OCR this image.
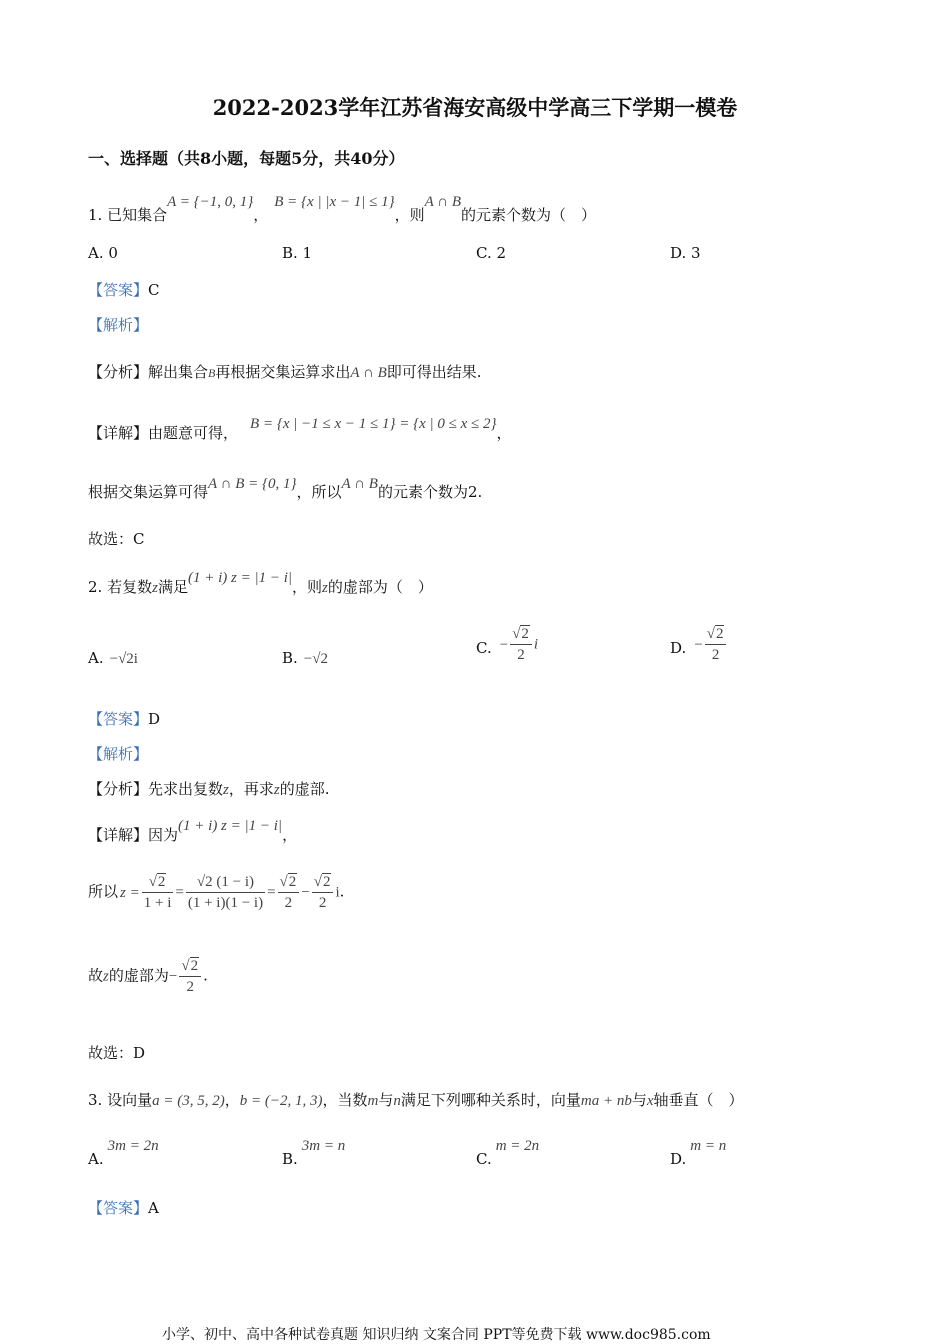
2022-2023学年江苏省海安高级中学高三下学期一模卷
一、选择题（共8小题，每题5分，共40分）
1. 已知集合A = {−1, 0, 1}，B = {x | |x − 1| ≤ 1}，则A ∩ B的元素个数为（　）
A. 0	B. 1	C. 2	D. 3
【答案】C
【解析】
【分析】解出集合B再根据交集运算求出A ∩ B即可得出结果.
【详解】由题意可得， B = {x | −1 ≤ x − 1 ≤ 1} = {x | 0 ≤ x ≤ 2}，
根据交集运算可得A ∩ B = {0, 1}，所以A ∩ B的元素个数为2.
故选：C
2. 若复数z满足(1 + i) z = |1 − i|，则z的虚部为（　）
A. −√2i	B. −√2
C. − $\frac{√2}{2}$ i	D. − $\frac{√2}{2}$
【答案】D
【解析】
【分析】先求出复数z，再求z的虚部.
【详解】因为(1 + i) z = |1 − i|，
所以 $z = \frac{√2}{1 + i} = \frac{√2 (1 - i)}{(1 + i)(1 - i)} = \frac{√2}{2} - \frac{√2}{2} i$.
故z的虚部为− $\frac{√2}{2}$ .
故选：D
3. 设向量a = (3, 5, 2)，b = (−2, 1, 3)，当数m与n满足下列哪种关系时，向量ma + nb与x轴垂直（　）
A.3m = 2n
B.3m = n
C.m = 2n
D.m = n
【答案】A
小学、初中、高中各种试卷真题 知识归纳 文案合同 PPT等免费下载 www.doc985.com
